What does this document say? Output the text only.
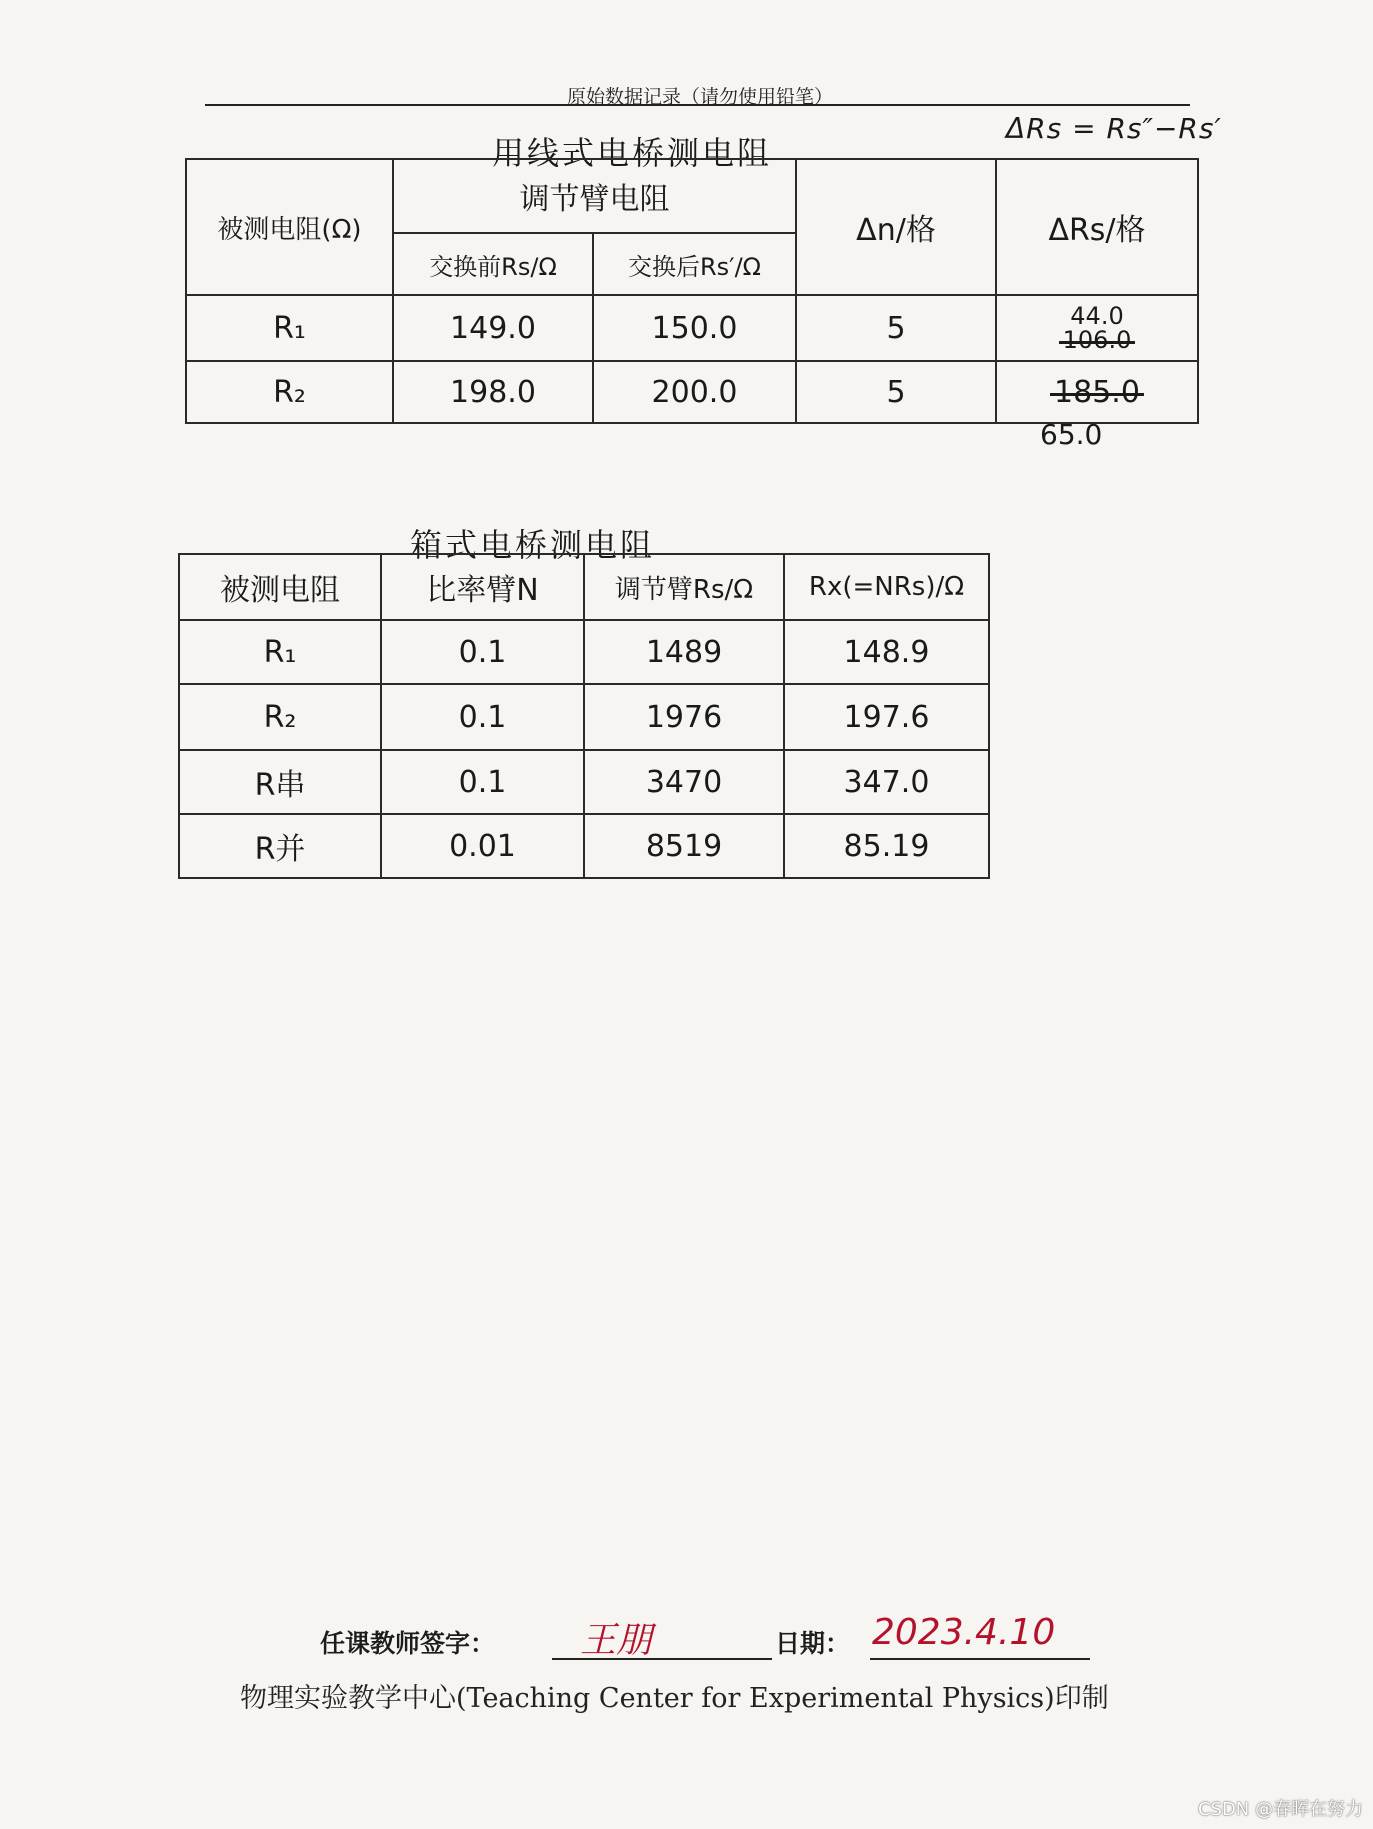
原始数据记录（请勿使用铅笔）
用线式电桥测电阻
ΔRs = Rs″−Rs′
被测电阻(Ω)	调节臂电阻		Δn/格	ΔRs/格
	交换前Rs/Ω	交换后Rs′/Ω		
R₁	149.0	150.0	5	44.0
106.0

R₂	198.0	200.0	5	185.0
65.0
箱式电桥测电阻
被测电阻	比率臂N	调节臂Rs/Ω	Rx(=NRs)/Ω
R₁	0.1	1489	148.9
R₂	0.1	1976	197.6
R串	0.1	3470	347.0
R并	0.01	8519	85.19
任课教师签字： 王朋	日期： 2023.4.10
物理实验教学中心(Teaching Center for Experimental Physics)印制
CSDN @春晖在努力
